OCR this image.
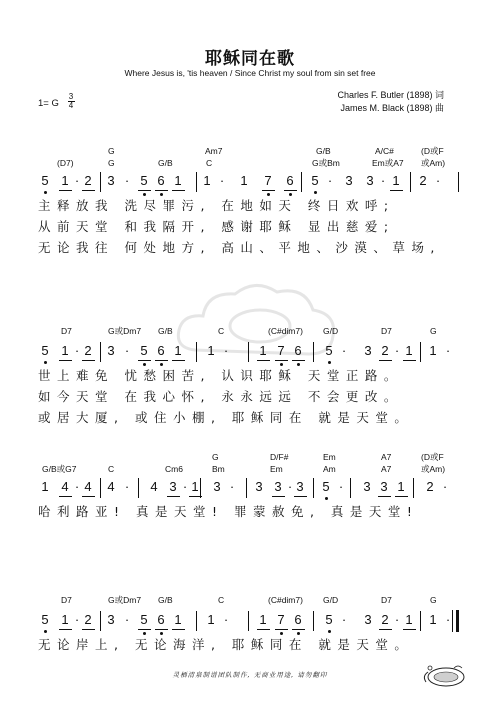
耶稣同在歌
Where Jesus is, 'tis heaven / Since Christ my soul from sin set free
Charles F. Butler (1898) 词
James M. Black (1898) 曲
1= G
3
4
G	Am7	G/B	A/C#	(D或F
(D7)	G	G/B	C	G或Bm	Em或A7 或Am)
5 1 · 2 3 · 5 6 1 1 ·	1 7 6 5 ·	3 3 · 1 2 ·
主释放我 洗尽罪污, 在地如天 终日欢呼;
从前天堂 和我隔开, 感谢耶稣 显出慈爱;
无论我往 何处地方, 高山、平地、沙漠、草场,
D7	G或Dm7 G/B	C	(C#dim7) G/D	D7	G
5 1 · 2 3 · 5 6 1 1 ·	1 7 6 5 ·	3 2 · 1 1 ·
世上难免 忧愁困苦, 认识耶稣 天堂正路。
如今天堂 在我心怀, 永永远远 不会更改。
或居大厦, 或住小棚, 耶稣同在 就是天堂。
G	D/F#	Em	A7	(D或F
G/B或G7	C	Cm6	Bm	Em	Am	A7	或Am)
1 4 · 4 4 ·	4 3 · 1 3 ·	3 3 · 3 5 ·	3 3 1 2 ·
哈利路亚! 真是天堂! 罪蒙赦免, 真是天堂!
D7	G或Dm7 G/B	C	(C#dim7) G/D	D7	G
5 1 · 2 3 · 5 6 1 1 ·	1 7 6 5 ·	3 2 · 1 1 ·
无论岸上, 无论海洋, 耶稣同在 就是天堂。
灵栖清泉制谱团队制作, 无商业用途, 请勿翻印
